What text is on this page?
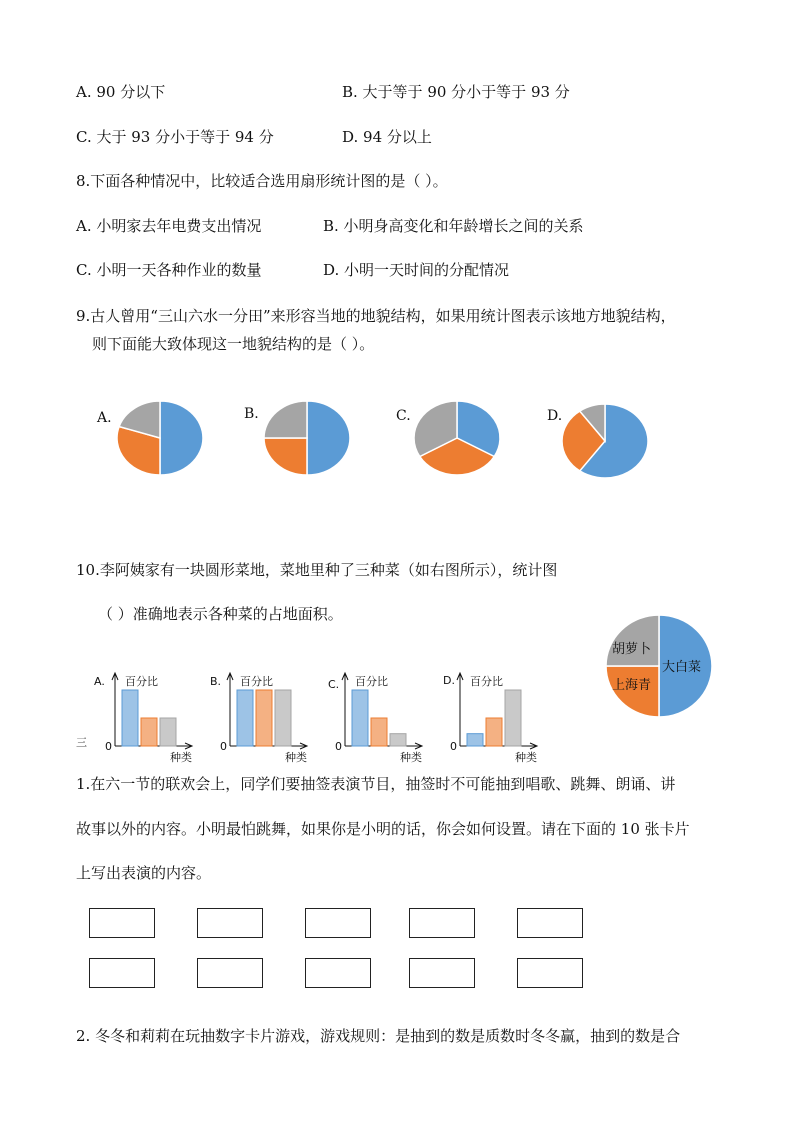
A. 90 分以下	B. 大于等于 90 分小于等于 93 分
C. 大于 93 分小于等于 94 分	D. 94 分以上
8.下面各种情况中，比较适合选用扇形统计图的是（ ）。
A. 小明家去年电费支出情况	B. 小明身高变化和年龄增长之间的关系
C. 小明一天各种作业的数量	D. 小明一天时间的分配情况
9.古人曾用“三山六水一分田”来形容当地的地貌结构，如果用统计图表示该地方地貌结构，
则下面能大致体现这一地貌结构的是（ ）。
A.	B.	C.	D.
10.李阿姨家有一块圆形菜地，菜地里种了三种菜（如右图所示），统计图
（ ）准确地表示各种菜的占地面积。
大白菜
上海青
胡萝卜
A. 百分比
0
种类
B. 百分比
0
种类
C. 百分比
0
种类
D. 百分比
0
种类
三
1.在六一节的联欢会上，同学们要抽签表演节目，抽签时不可能抽到唱歌、跳舞、朗诵、讲
故事以外的内容。小明最怕跳舞，如果你是小明的话，你会如何设置。请在下面的 10 张卡片
上写出表演的内容。
2. 冬冬和莉莉在玩抽数字卡片游戏，游戏规则：是抽到的数是质数时冬冬赢，抽到的数是合
